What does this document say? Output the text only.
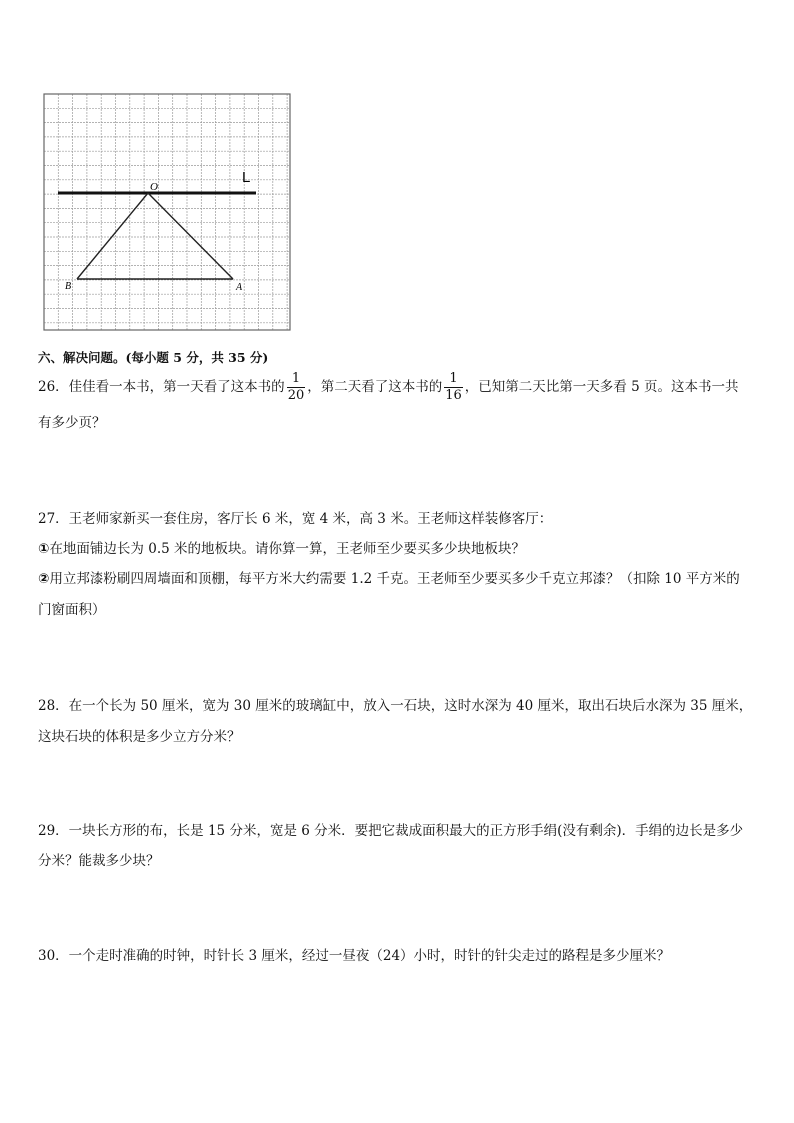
O
L
B	A
六、解决问题。(每小题 5 分，共 35 分)
26．佳佳看一本书，第一天看了这本书的 $\frac{1}{20}$ ，第二天看了这本书的 $\frac{1}{16}$ ，已知第二天比第一天多看 5 页。这本书一共
有多少页？
27．王老师家新买一套住房，客厅长 6 米，宽 4 米，高 3 米。王老师这样装修客厅：
①在地面铺边长为 0.5 米的地板块。请你算一算，王老师至少要买多少块地板块？
②用立邦漆粉刷四周墙面和顶棚，每平方米大约需要 1.2 千克。王老师至少要买多少千克立邦漆？（扣除 10 平方米的
门窗面积）
28．在一个长为 50 厘米，宽为 30 厘米的玻璃缸中，放入一石块，这时水深为 40 厘米，取出石块后水深为 35 厘米，
这块石块的体积是多少立方分米？
29．一块长方形的布，长是 15 分米，宽是 6 分米．要把它裁成面积最大的正方形手绢(没有剩余)．手绢的边长是多少
分米？能裁多少块？
30．一个走时准确的时钟，时针长 3 厘米，经过一昼夜（24）小时，时针的针尖走过的路程是多少厘米？
